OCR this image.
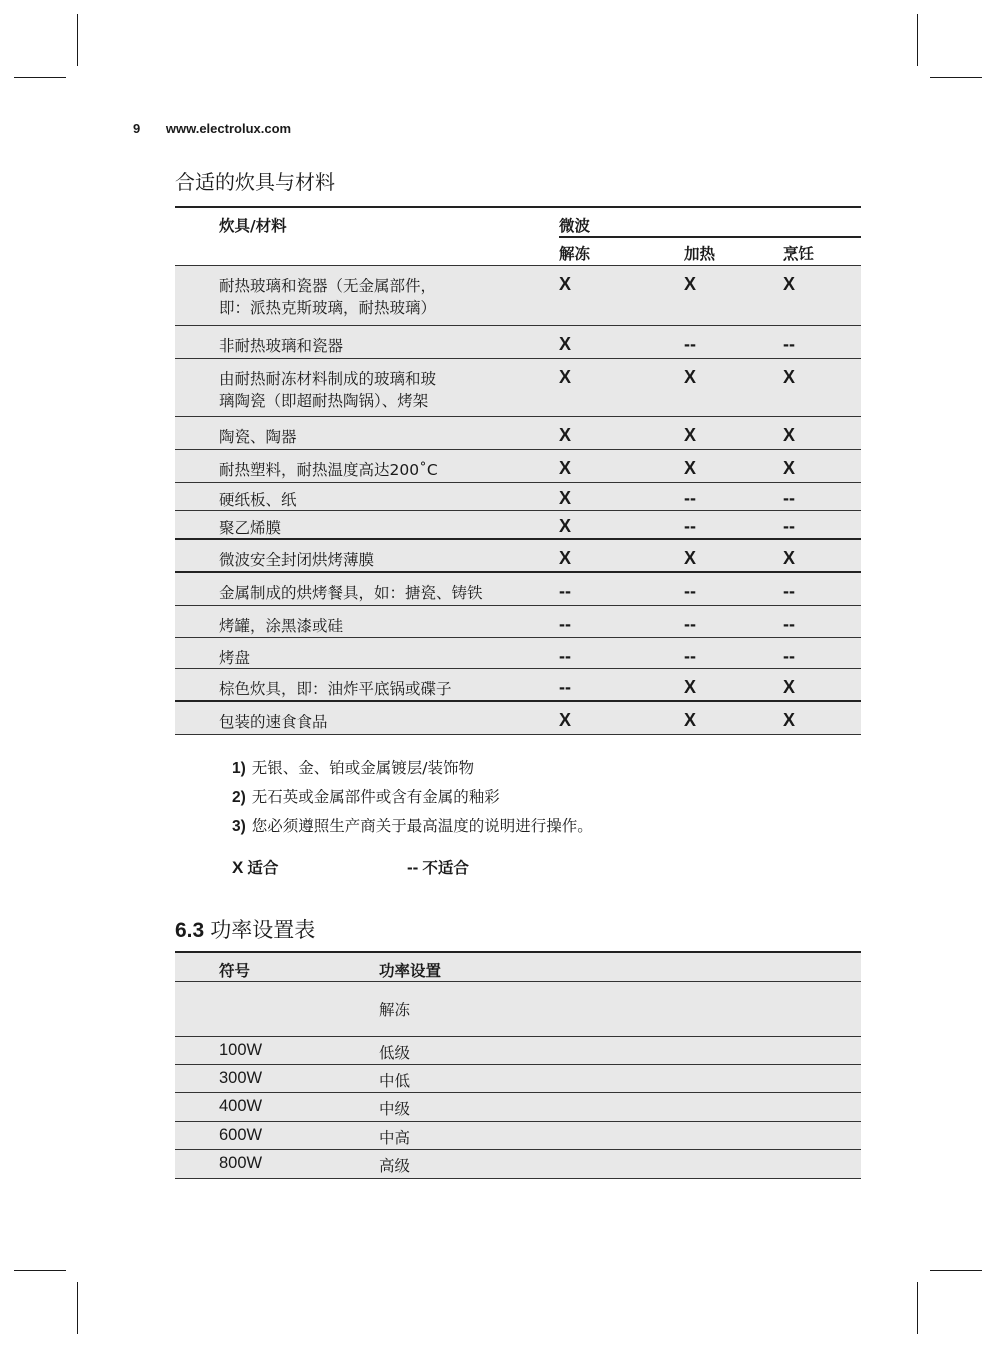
9 www.electrolux.com
合适的炊具与材料
炊具/材料	微波		
	解冻	加热	烹饪
耐热玻璃和瓷器（无金属部件，
即：派热克斯玻璃，耐热玻璃）	X	X	X
非耐热玻璃和瓷器	X	--	--
由耐热耐冻材料制成的玻璃和玻
璃陶瓷（即超耐热陶锅）、烤架	X	X	X
陶瓷、陶器	X	X	X
耐热塑料，耐热温度高达200˚C	X	X	X
硬纸板、纸	X	--	--
聚乙烯膜	X	--	--
微波安全封闭烘烤薄膜	X	X	X
金属制成的烘烤餐具，如：搪瓷、铸铁	--	--	--
烤罐，涂黑漆或硅	--	--	--
烤盘	--	--	--
棕色炊具，即：油炸平底锅或碟子	--	X	X
包装的速食食品	X	X	X
1) 无银、金、铂或金属镀层/装饰物
2) 无石英或金属部件或含有金属的釉彩
3) 您必须遵照生产商关于最高温度的说明进行操作。
X 适合	-- 不适合
6.3 功率设置表
符号	功率设置
	解冻
100W	低级
300W	中低
400W	中级
600W	中高
800W	高级
